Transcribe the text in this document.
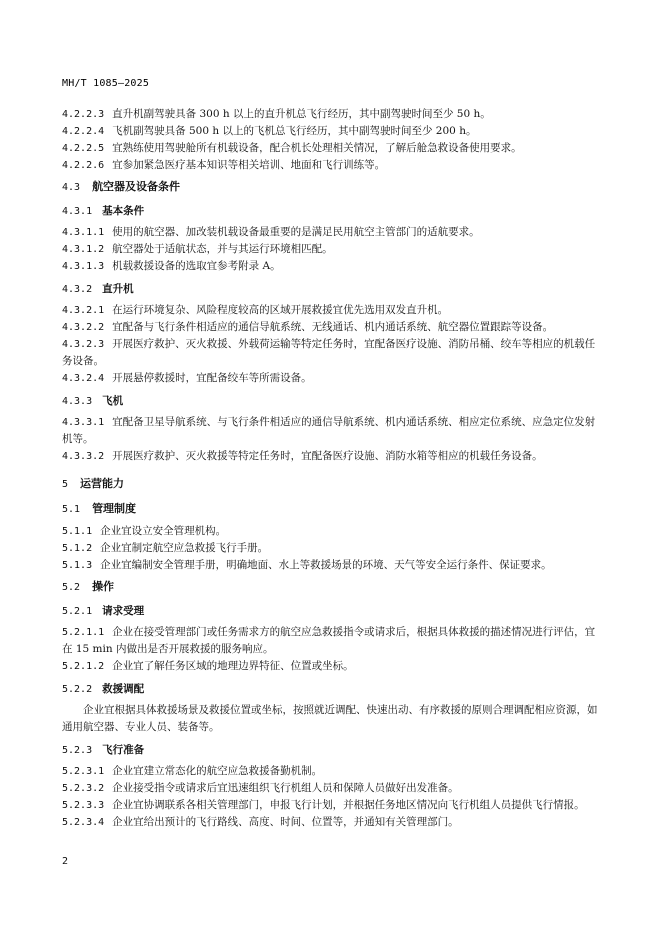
MH/T 1085—2025
4.2.2.3 直升机副驾驶具备 300 h 以上的直升机总飞行经历，其中副驾驶时间至少 50 h。
4.2.2.4 飞机副驾驶具备 500 h 以上的飞机总飞行经历，其中副驾驶时间至少 200 h。
4.2.2.5 宜熟练使用驾驶舱所有机载设备，配合机长处理相关情况，了解后舱急救设备使用要求。
4.2.2.6 宜参加紧急医疗基本知识等相关培训、地面和飞行训练等。
4.3 航空器及设备条件
4.3.1 基本条件
4.3.1.1 使用的航空器、加改装机载设备最重要的是满足民用航空主管部门的适航要求。
4.3.1.2 航空器处于适航状态，并与其运行环境相匹配。
4.3.1.3 机载救援设备的选取宜参考附录 A。
4.3.2 直升机
4.3.2.1 在运行环境复杂、风险程度较高的区域开展救援宜优先选用双发直升机。
4.3.2.2 宜配备与飞行条件相适应的通信导航系统、无线通话、机内通话系统、航空器位置跟踪等设备。
4.3.2.3 开展医疗救护、灭火救援、外载荷运输等特定任务时，宜配备医疗设施、消防吊桶、绞车等相应的机载任务设备。
4.3.2.4 开展悬停救援时，宜配备绞车等所需设备。
4.3.3 飞机
4.3.3.1 宜配备卫星导航系统、与飞行条件相适应的通信导航系统、机内通话系统、相应定位系统、应急定位发射机等。
4.3.3.2 开展医疗救护、灭火救援等特定任务时，宜配备医疗设施、消防水箱等相应的机载任务设备。
5 运营能力
5.1 管理制度
5.1.1 企业宜设立安全管理机构。
5.1.2 企业宜制定航空应急救援飞行手册。
5.1.3 企业宜编制安全管理手册，明确地面、水上等救援场景的环境、天气等安全运行条件、保证要求。
5.2 操作
5.2.1 请求受理
5.2.1.1 企业在接受管理部门或任务需求方的航空应急救援指令或请求后，根据具体救援的描述情况进行评估，宜在 15 min 内做出是否开展救援的服务响应。
5.2.1.2 企业宜了解任务区域的地理边界特征、位置或坐标。
5.2.2 救援调配
企业宜根据具体救援场景及救援位置或坐标，按照就近调配、快速出动、有序救援的原则合理调配相应资源，如通用航空器、专业人员、装备等。
5.2.3 飞行准备
5.2.3.1 企业宜建立常态化的航空应急救援备勤机制。
5.2.3.2 企业接受指令或请求后宜迅速组织飞行机组人员和保障人员做好出发准备。
5.2.3.3 企业宜协调联系各相关管理部门，申报飞行计划，并根据任务地区情况向飞行机组人员提供飞行情报。
5.2.3.4 企业宜给出预计的飞行路线、高度、时间、位置等，并通知有关管理部门。
2
